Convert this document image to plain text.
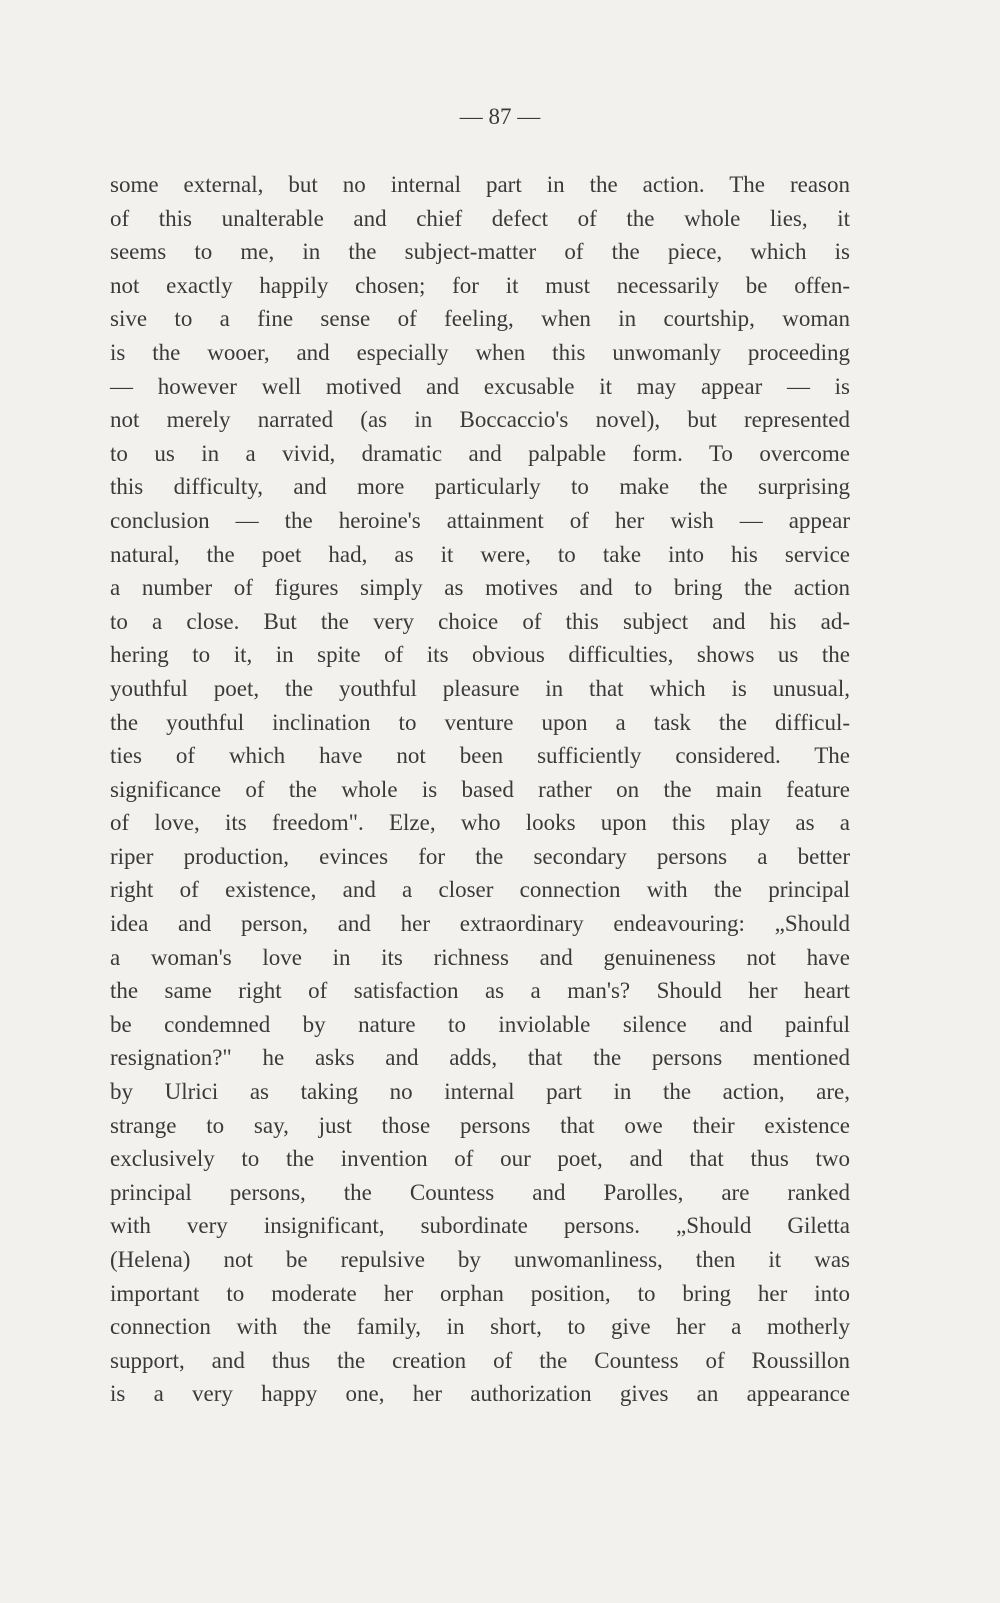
— 87 —
some external, but no internal part in the action. The reason
of this unalterable and chief defect of the whole lies, it
seems to me, in the subject-matter of the piece, which is
not exactly happily chosen; for it must necessarily be offen-
sive to a fine sense of feeling, when in courtship, woman
is the wooer, and especially when this unwomanly proceeding
— however well motived and excusable it may appear — is
not merely narrated (as in Boccaccio's novel), but represented
to us in a vivid, dramatic and palpable form. To overcome
this difficulty, and more particularly to make the surprising
conclusion — the heroine's attainment of her wish — appear
natural, the poet had, as it were, to take into his service
a number of figures simply as motives and to bring the action
to a close. But the very choice of this subject and his ad-
hering to it, in spite of its obvious difficulties, shows us the
youthful poet, the youthful pleasure in that which is unusual,
the youthful inclination to venture upon a task the difficul-
ties of which have not been sufficiently considered. The
significance of the whole is based rather on the main feature
of love, its freedom". Elze, who looks upon this play as a
riper production, evinces for the secondary persons a better
right of existence, and a closer connection with the principal
idea and person, and her extraordinary endeavouring: „Should
a woman's love in its richness and genuineness not have
the same right of satisfaction as a man's? Should her heart
be condemned by nature to inviolable silence and painful
resignation?" he asks and adds, that the persons mentioned
by Ulrici as taking no internal part in the action, are,
strange to say, just those persons that owe their existence
exclusively to the invention of our poet, and that thus two
principal persons, the Countess and Parolles, are ranked
with very insignificant, subordinate persons. „Should Giletta
(Helena) not be repulsive by unwomanliness, then it was
important to moderate her orphan position, to bring her into
connection with the family, in short, to give her a motherly
support, and thus the creation of the Countess of Roussillon
is a very happy one, her authorization gives an appearance
